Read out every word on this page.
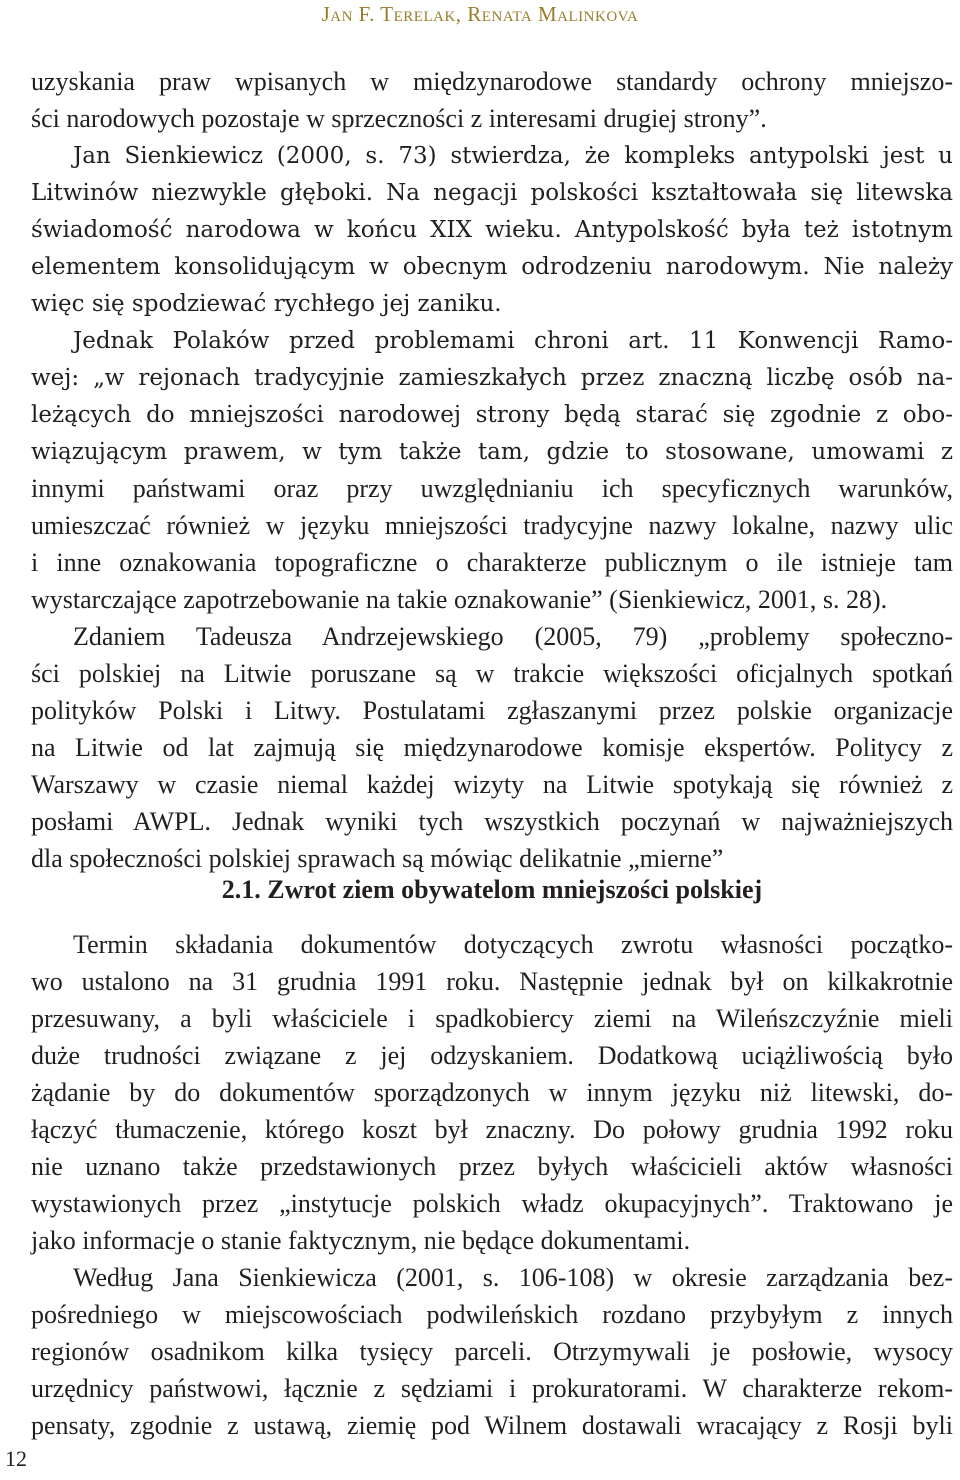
Jan F. Terelak, Renata Malinkova
uzyskania praw wpisanych w międzynarodowe standardy ochrony mniejszo-
ści narodowych pozostaje w sprzeczności z interesami drugiej strony”.
Jan Sienkiewicz (2000, s. 73) stwierdza, że kompleks antypolski jest u
Litwinów niezwykle głęboki. Na negacji polskości kształtowała się litewska
świadomość narodowa w końcu XIX wieku. Antypolskość była też istotnym
elementem konsolidującym w obecnym odrodzeniu narodowym. Nie należy
więc się spodziewać rychłego jej zaniku.
Jednak Polaków przed problemami chroni art. 11 Konwencji Ramo-
wej: „w rejonach tradycyjnie zamieszkałych przez znaczną liczbę osób na-
leżących do mniejszości narodowej strony będą starać się zgodnie z obo-
wiązującym prawem, w tym także tam, gdzie to stosowane, umowami z
innymi państwami oraz przy uwzględnianiu ich specyficznych warunków,
umieszczać również w języku mniejszości tradycyjne nazwy lokalne, nazwy ulic
i inne oznakowania topograficzne o charakterze publicznym o ile istnieje tam
wystarczające zapotrzebowanie na takie oznakowanie” (Sienkiewicz, 2001, s. 28).
Zdaniem Tadeusza Andrzejewskiego (2005, 79) „problemy społeczno-
ści polskiej na Litwie poruszane są w trakcie większości oficjalnych spotkań
polityków Polski i Litwy. Postulatami zgłaszanymi przez polskie organizacje
na Litwie od lat zajmują się międzynarodowe komisje ekspertów. Politycy z
Warszawy w czasie niemal każdej wizyty na Litwie spotykają się również z
posłami AWPL. Jednak wyniki tych wszystkich poczynań w najważniejszych
dla społeczności polskiej sprawach są mówiąc delikatnie „mierne”
Termin składania dokumentów dotyczących zwrotu własności początko-
wo ustalono na 31 grudnia 1991 roku. Następnie jednak był on kilkakrotnie
przesuwany, a byli właściciele i spadkobiercy ziemi na Wileńszczyźnie mieli
duże trudności związane z jej odzyskaniem. Dodatkową uciążliwością było
żądanie by do dokumentów sporządzonych w innym języku niż litewski, do-
łączyć tłumaczenie, którego koszt był znaczny. Do połowy grudnia 1992 roku
nie uznano także przedstawionych przez byłych właścicieli aktów własności
wystawionych przez „instytucje polskich władz okupacyjnych”. Traktowano je
jako informacje o stanie faktycznym, nie będące dokumentami.
Według Jana Sienkiewicza (2001, s. 106-108) w okresie zarządzania bez-
pośredniego w miejscowościach podwileńskich rozdano przybyłym z innych
regionów osadnikom kilka tysięcy parceli. Otrzymywali je posłowie, wysocy
urzędnicy państwowi, łącznie z sędziami i prokuratorami. W charakterze rekom-
pensaty, zgodnie z ustawą, ziemię pod Wilnem dostawali wracający z Rosji byli
2.1. Zwrot ziem obywatelom mniejszości polskiej
12
